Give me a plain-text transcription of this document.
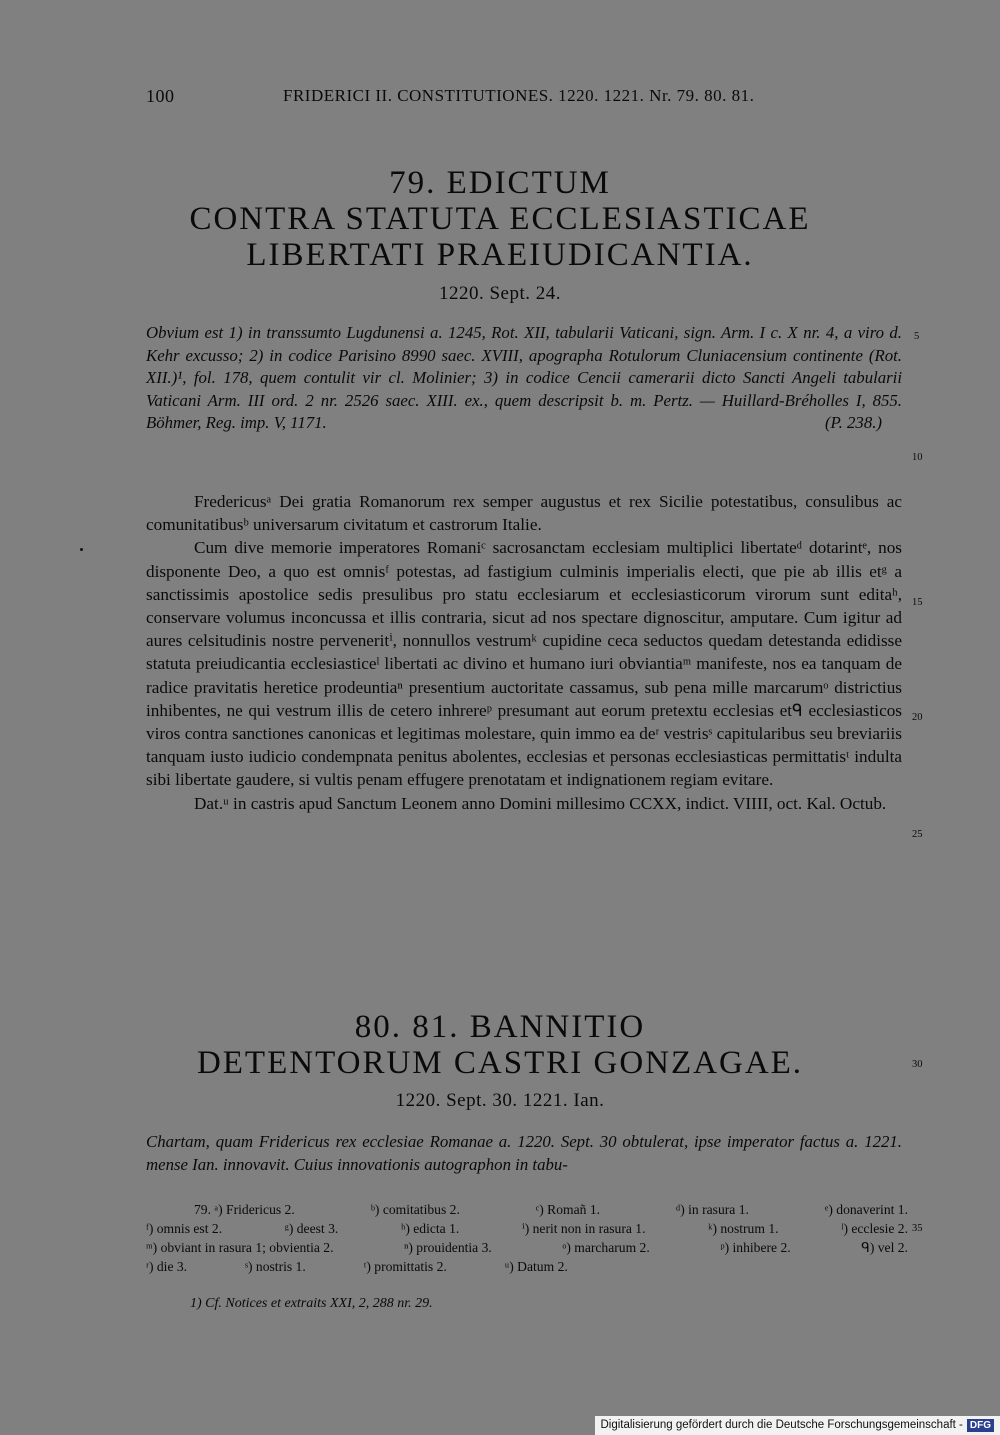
100	FRIDERICI II. CONSTITUTIONES. 1220. 1221. Nr. 79. 80. 81.
79. EDICTUM
CONTRA STATUTA ECCLESIASTICAE
LIBERTATI PRAEIUDICANTIA.
1220. Sept. 24.
Obvium est 1) in transsumto Lugdunensi a. 1245, Rot. XII, tabularii Vaticani, sign. Arm. I c. X nr. 4, a viro d. Kehr excusso; 2) in codice Parisino 8990 saec. XVIII, apographa Rotulorum Cluniacensium continente (Rot. XII.)¹, fol. 178, quem contulit vir cl. Molinier; 3) in codice Cencii camerarii dicto Sancti Angeli tabularii Vaticani Arm. III ord. 2 nr. 2526 saec. XIII. ex., quem descripsit b. m. Pertz. — Huillard-Bréholles I, 855. Böhmer, Reg. imp. V, 1171.	(P. 238.)

Fredericusᵃ Dei gratia Romanorum rex semper augustus et rex Sicilie potestatibus, consulibus ac comunitatibusᵇ universarum civitatum et castrorum Italie.

Cum dive memorie imperatores Romaniᶜ sacrosanctam ecclesiam multiplici libertateᵈ dotarintᵉ, nos disponente Deo, a quo est omnisᶠ potestas, ad fastigium culminis imperialis electi, que pie ab illis etᵍ a sanctissimis apostolice sedis presulibus pro statu ecclesiarum et ecclesiasticorum virorum sunt editaʰ, conservare volumus inconcussa et illis contraria, sicut ad nos spectare dignoscitur, amputare. Cum igitur ad aures celsitudinis nostre perveneritⁱ, nonnullos vestrumᵏ cupidine ceca seductos quedam detestanda edidisse statuta preiudicantia ecclesiasticeˡ libertati ac divino et humano iuri obviantiaᵐ manifeste, nos ea tanquam de radice pravitatis heretice prodeuntiaⁿ presentium auctoritate cassamus, sub pena mille marcarumᵒ districtius inhibentes, ne qui vestrum illis de cetero inhrereᵖ presumant aut eorum pretextu ecclesias etᑫ ecclesiasticos viros contra sanctiones canonicas et legitimas molestare, quin immo ea deʳ vestrisˢ capitularibus seu breviariis tanquam iusto iudicio condempnata penitus abolentes, ecclesias et personas ecclesiasticas permittatisᵗ indulta sibi libertate gaudere, si vultis penam effugere prenotatam et indignationem regiam evitare.

Dat.ᵘ in castris apud Sanctum Leonem anno Domini millesimo CCXX, indict. VIIII, oct. Kal. Octub.

80. 81. BANNITIO
DETENTORUM CASTRI GONZAGAE.
1220. Sept. 30. 1221. Ian.
Chartam, quam Fridericus rex ecclesiae Romanae a. 1220. Sept. 30 obtulerat, ipse imperator factus a. 1221. mense Ian. innovavit. Cuius innovationis autographon in tabu-
5
10
15
20
25
30
35
79. ᵃ) Fridericus 2.	ᵇ) comitatibus 2.	ᶜ) Romañ 1.	ᵈ) in rasura 1.	ᵉ) donaverint 1.
ᶠ) omnis est 2.	ᵍ) deest 3.	ʰ) edicta 1.	ⁱ) nerit non in rasura 1.	ᵏ) nostrum 1.	ˡ) ecclesie 2.
ᵐ) obviant in rasura 1; obvientia 2.	ⁿ) prouidentia 3.	ᵒ) marcharum 2.	ᵖ) inhibere 2.	ᑫ) vel 2.
ʳ) die 3.	ˢ) nostris 1.	ᵗ) promittatis 2.	ᵘ) Datum 2.
1) Cf. Notices et extraits XXI, 2, 288 nr. 29.
Digitalisierung gefördert durch die Deutsche Forschungsgemeinschaft - DFG
